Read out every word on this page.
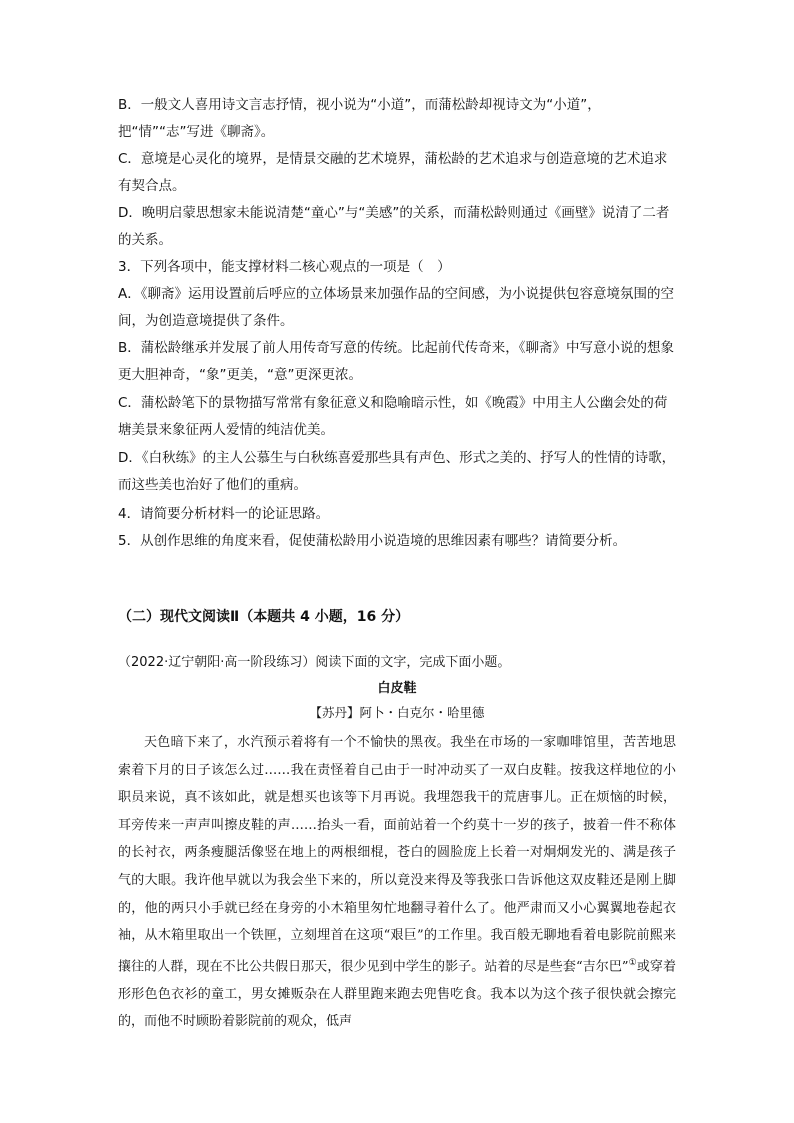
B．一般文人喜用诗文言志抒情，视小说为“小道”，而蒲松龄却视诗文为“小道”，把“情”“志”写进《聊斋》。

C．意境是心灵化的境界，是情景交融的艺术境界，蒲松龄的艺术追求与创造意境的艺术追求有契合点。

D．晚明启蒙思想家未能说清楚“童心”与“美感”的关系，而蒲松龄则通过《画壁》说清了二者的关系。

3．下列各项中，能支撑材料二核心观点的一项是（　）

A．《聊斋》运用设置前后呼应的立体场景来加强作品的空间感，为小说提供包容意境氛围的空间，为创造意境提供了条件。

B．蒲松龄继承并发展了前人用传奇写意的传统。比起前代传奇来，《聊斋》中写意小说的想象更大胆神奇，“象”更美，“意”更深更浓。

C．蒲松龄笔下的景物描写常常有象征意义和隐喻暗示性，如《晚霞》中用主人公幽会处的荷塘美景来象征两人爱情的纯洁优美。

D．《白秋练》的主人公慕生与白秋练喜爱那些具有声色、形式之美的、抒写人的性情的诗歌，而这些美也治好了他们的重病。

4．请简要分析材料一的论证思路。

5．从创作思维的角度来看，促使蒲松龄用小说造境的思维因素有哪些？请简要分析。

（二）现代文阅读Ⅱ（本题共 4 小题，16 分）
（2022·辽宁朝阳·高一阶段练习）阅读下面的文字，完成下面小题。
白皮鞋
【苏丹】阿卜・白克尔・哈里德

天色暗下来了，水汽预示着将有一个不愉快的黑夜。我坐在市场的一家咖啡馆里，苦苦地思索着下月的日子该怎么过……我在责怪着自己由于一时冲动买了一双白皮鞋。按我这样地位的小职员来说，真不该如此，就是想买也该等下月再说。我埋怨我干的荒唐事儿。正在烦恼的时候，耳旁传来一声声叫擦皮鞋的声……抬头一看，面前站着一个约莫十一岁的孩子，披着一件不称体的长衬衣，两条瘦腿活像竖在地上的两根细棍，苍白的圆脸庞上长着一对炯炯发光的、满是孩子气的大眼。我许他早就以为我会坐下来的，所以竟没来得及等我张口告诉他这双皮鞋还是刚上脚的，他的两只小手就已经在身旁的小木箱里匆忙地翻寻着什么了。他严肃而又小心翼翼地卷起衣袖，从木箱里取出一个铁匣，立刻埋首在这项“艰巨”的工作里。我百般无聊地看着电影院前熙来攘往的人群，现在不比公共假日那天，很少见到中学生的影子。站着的尽是些套“吉尔巴”①或穿着形形色色衣衫的童工，男女摊贩杂在人群里跑来跑去兜售吃食。我本以为这个孩子很快就会擦完的，而他不时顾盼着影院前的观众，低声
